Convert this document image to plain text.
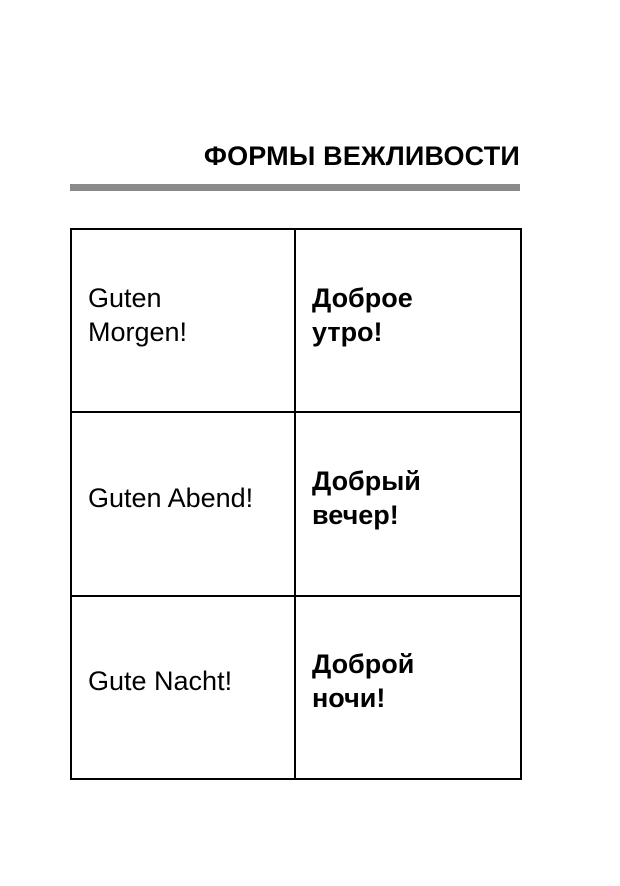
ФОРМЫ ВЕЖЛИВОСТИ
Guten
Morgen!	Доброе
утро!

Guten Abend!	Добрый
вечер!

Gute Nacht!	Доброй
ночи!
